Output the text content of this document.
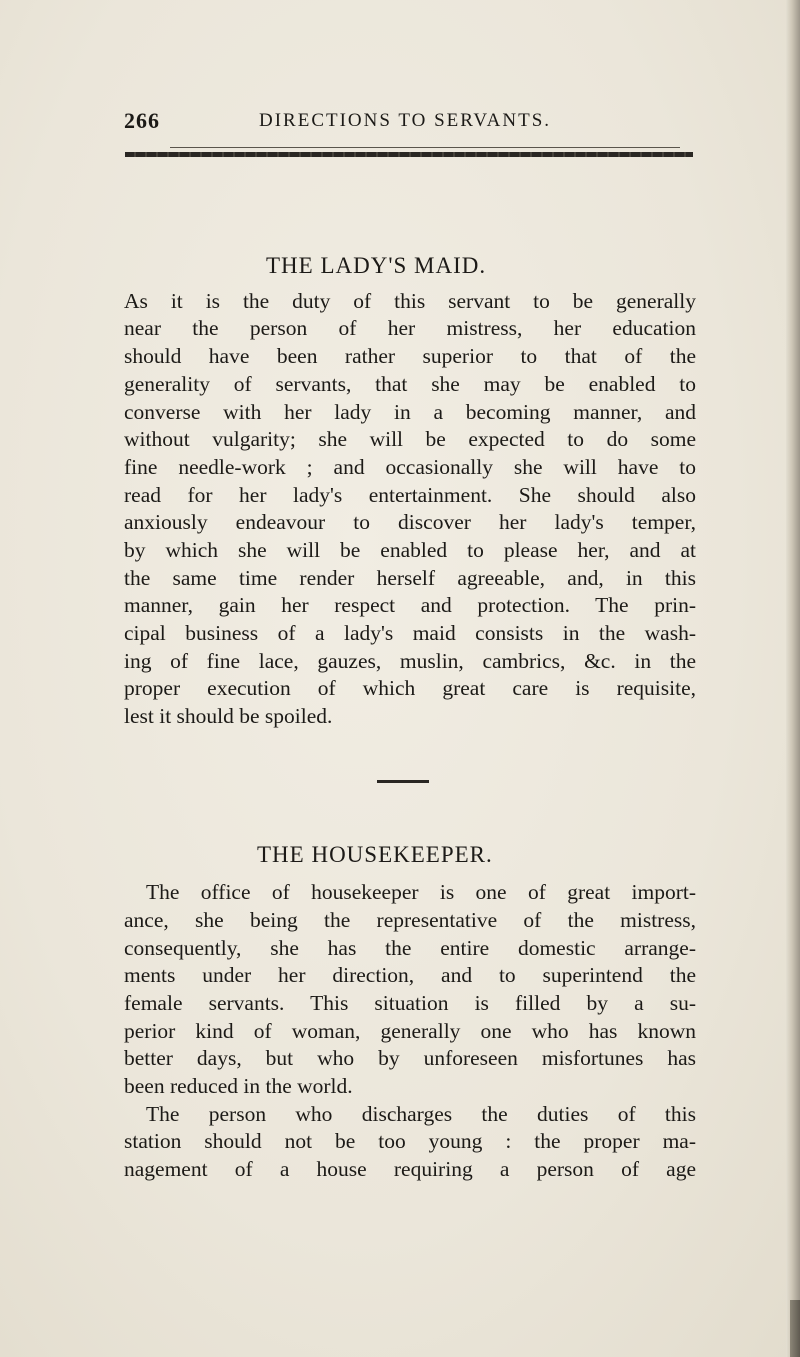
266	DIRECTIONS TO SERVANTS.
THE LADY'S MAID.
As it is the duty of this servant to be generally
near the person of her mistress, her education
should have been rather superior to that of the
generality of servants, that she may be enabled to
converse with her lady in a becoming manner, and
without vulgarity; she will be expected to do some
fine needle-work ; and occasionally she will have to
read for her lady's entertainment. She should also
anxiously endeavour to discover her lady's temper,
by which she will be enabled to please her, and at
the same time render herself agreeable, and, in this
manner, gain her respect and protection. The prin-
cipal business of a lady's maid consists in the wash-
ing of fine lace, gauzes, muslin, cambrics, &c. in the
proper execution of which great care is requisite,
lest it should be spoiled.
THE HOUSEKEEPER.
The office of housekeeper is one of great import-
ance, she being the representative of the mistress,
consequently, she has the entire domestic arrange-
ments under her direction, and to superintend the
female servants. This situation is filled by a su-
perior kind of woman, generally one who has known
better days, but who by unforeseen misfortunes has
been reduced in the world.
The person who discharges the duties of this
station should not be too young : the proper ma-
nagement of a house requiring a person of age
